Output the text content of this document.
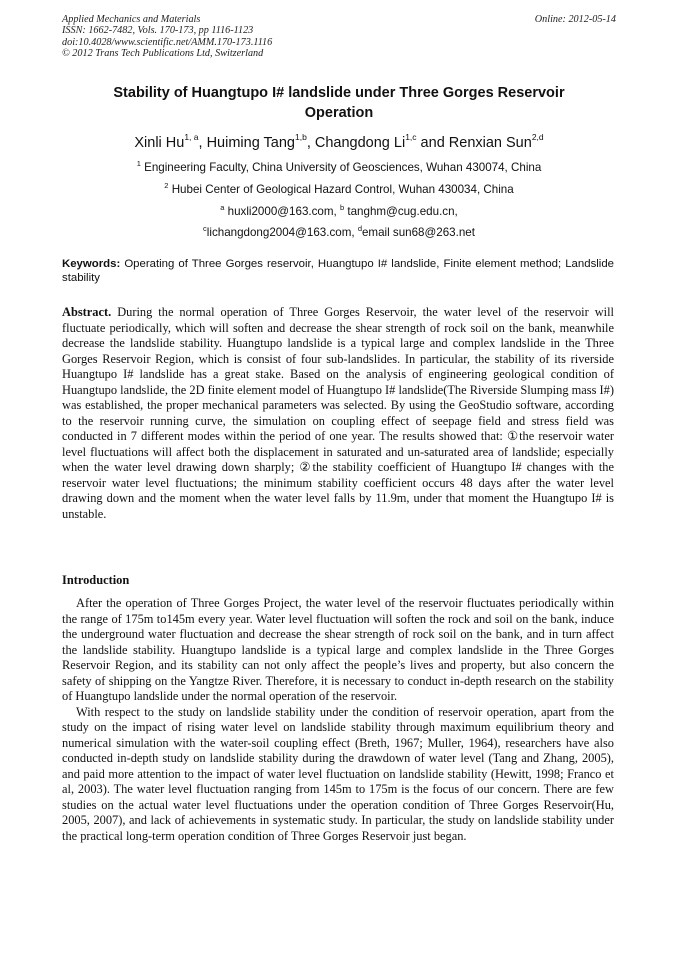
Applied Mechanics and Materials
ISSN: 1662-7482, Vols. 170-173, pp 1116-1123
doi:10.4028/www.scientific.net/AMM.170-173.1116
© 2012 Trans Tech Publications Ltd, Switzerland
Online: 2012-05-14
Stability of Huangtupo I# landslide under Three Gorges Reservoir Operation
Xinli Hu$^{1, a}$, Huiming Tang$^{1,b}$, Changdong Li$^{1,c}$ and Renxian Sun$^{2,d}$
$^1$ Engineering Faculty, China University of Geosciences, Wuhan 430074, China
$^2$ Hubei Center of Geological Hazard Control, Wuhan 430034, China
$^a$ huxli2000@163.com, $^b$ tanghm@cug.edu.cn,
$^c$lichangdong2004@163.com, $^d$email sun68@263.net
Keywords: Operating of Three Gorges reservoir, Huangtupo I# landslide, Finite element method; Landslide stability
Abstract. During the normal operation of Three Gorges Reservoir, the water level of the reservoir will fluctuate periodically, which will soften and decrease the shear strength of rock soil on the bank, meanwhile decrease the landslide stability. Huangtupo landslide is a typical large and complex landslide in the Three Gorges Reservoir Region, which is consist of four sub-landslides. In particular, the stability of its riverside Huangtupo I# landslide has a great stake. Based on the analysis of engineering geological condition of Huangtupo landslide, the 2D finite element model of Huangtupo I# landslide(The Riverside Slumping mass I#) was established, the proper mechanical parameters was selected. By using the GeoStudio software, according to the reservoir running curve, the simulation on coupling effect of seepage field and stress field was conducted in 7 different modes within the period of one year. The results showed that: ①the reservoir water level fluctuations will affect both the displacement in saturated and un-saturated area of landslide; especially when the water level drawing down sharply; ②the stability coefficient of Huangtupo I# changes with the reservoir water level fluctuations; the minimum stability coefficient occurs 48 days after the water level drawing down and the moment when the water level falls by 11.9m, under that moment the Huangtupo I# is unstable.
Introduction

After the operation of Three Gorges Project, the water level of the reservoir fluctuates periodically within the range of 175m to145m every year. Water level fluctuation will soften the rock and soil on the bank, induce the underground water fluctuation and decrease the shear strength of rock soil on the bank, and in turn affect the landslide stability. Huangtupo landslide is a typical large and complex landslide in the Three Gorges Reservoir Region, and its stability can not only affect the people’s lives and property, but also concern the safety of shipping on the Yangtze River. Therefore, it is necessary to conduct in-depth research on the stability of Huangtupo landslide under the normal operation of the reservoir.

With respect to the study on landslide stability under the condition of reservoir operation, apart from the study on the impact of rising water level on landslide stability through maximum equilibrium theory and numerical simulation with the water-soil coupling effect (Breth, 1967; Muller, 1964), researchers have also conducted in-depth study on landslide stability during the drawdown of water level (Tang and Zhang, 2005), and paid more attention to the impact of water level fluctuation on landslide stability (Hewitt, 1998; Franco et al, 2003). The water level fluctuation ranging from 145m to 175m is the focus of our concern. There are few studies on the actual water level fluctuations under the operation condition of Three Gorges Reservoir(Hu, 2005, 2007), and lack of achievements in systematic study. In particular, the study on landslide stability under the practical long-term operation condition of Three Gorges Reservoir just began.
